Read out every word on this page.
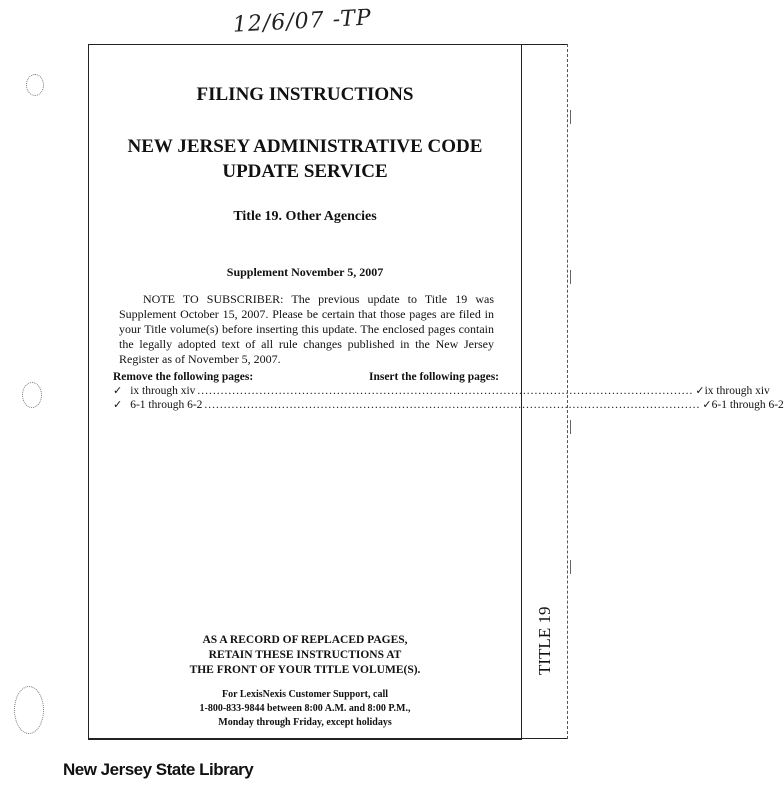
12/6/07 -TP
TITLE 19
FILING INSTRUCTIONS
NEW JERSEY ADMINISTRATIVE CODE
UPDATE SERVICE
Title 19. Other Agencies
Supplement November 5, 2007
NOTE TO SUBSCRIBER: The previous update to Title 19 was Supplement October 15, 2007. Please be certain that those pages are filed in your Title volume(s) before inserting this update. The enclosed pages contain the legally adopted text of all rule changes published in the New Jersey Register as of November 5, 2007.
Remove the following pages:	Insert the following pages:
✓ ix through xiv ................................................................................................................................ ✓ ix through xiv
✓ 6-1 through 6-2 ................................................................................................................................ ✓ 6-1 through 6-2
AS A RECORD OF REPLACED PAGES,
RETAIN THESE INSTRUCTIONS AT
THE FRONT OF YOUR TITLE VOLUME(S).
For LexisNexis Customer Support, call
1-800-833-9844 between 8:00 A.M. and 8:00 P.M.,
Monday through Friday, except holidays
New Jersey State Library
